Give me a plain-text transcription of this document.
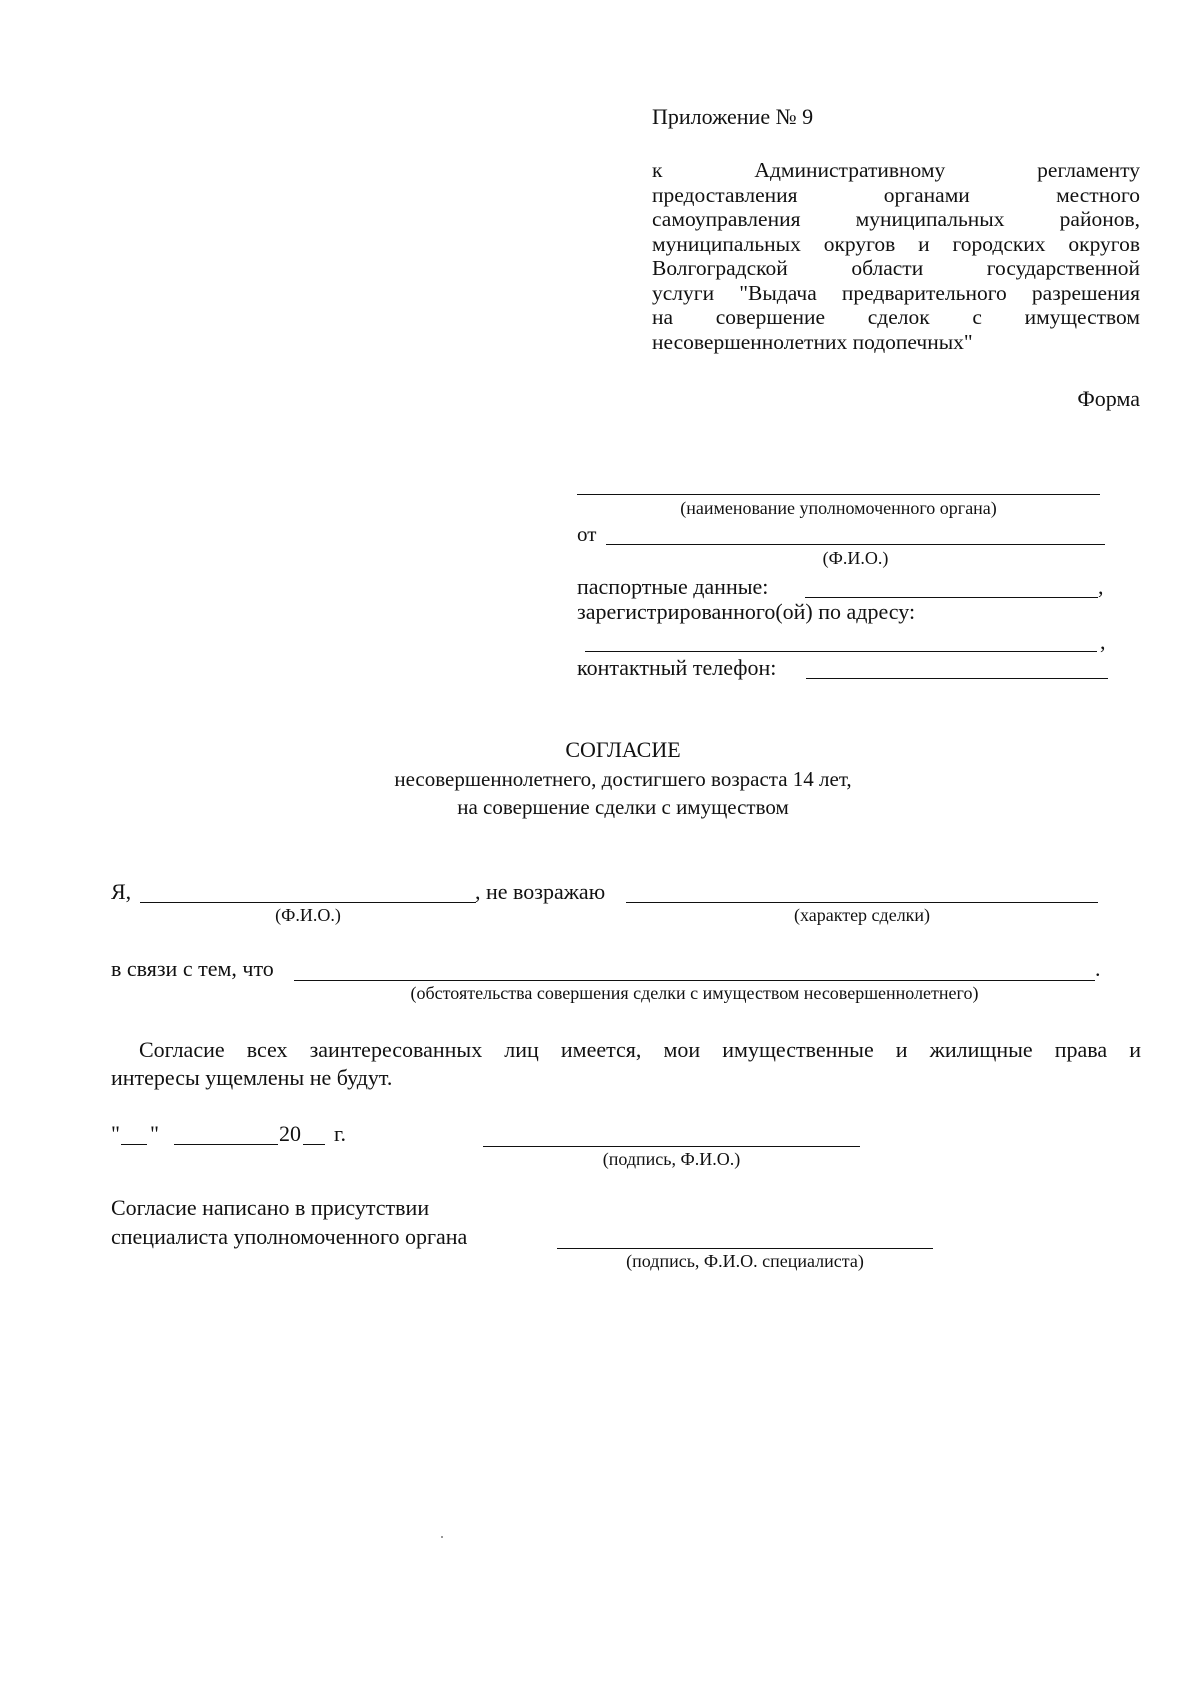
Приложение № 9
к Административному регламенту
предоставления органами местного
самоуправления муниципальных районов,
муниципальных округов и городских округов
Волгоградской области государственной
услуги "Выдача предварительного разрешения
на совершение сделок с имуществом
несовершеннолетних подопечных"
Форма
(наименование уполномоченного органа)
от
(Ф.И.О.)
паспортные данные:	,
зарегистрированного(ой) по адресу:
,
контактный телефон:
СОГЛАСИЕ
несовершеннолетнего, достигшего возраста 14 лет,
на совершение сделки с имуществом
Я,
(Ф.И.О.)
, не возражаю
(характер сделки)
в связи с тем, что	.
(обстоятельства совершения сделки с имуществом несовершеннолетнего)
Согласие всех заинтересованных лиц имеется, мои имущественные и жилищные права и
интересы ущемлены не будут.
" "	20 г.
(подпись, Ф.И.О.)
Согласие написано в присутствии
специалиста уполномоченного органа
(подпись, Ф.И.О. специалиста)
